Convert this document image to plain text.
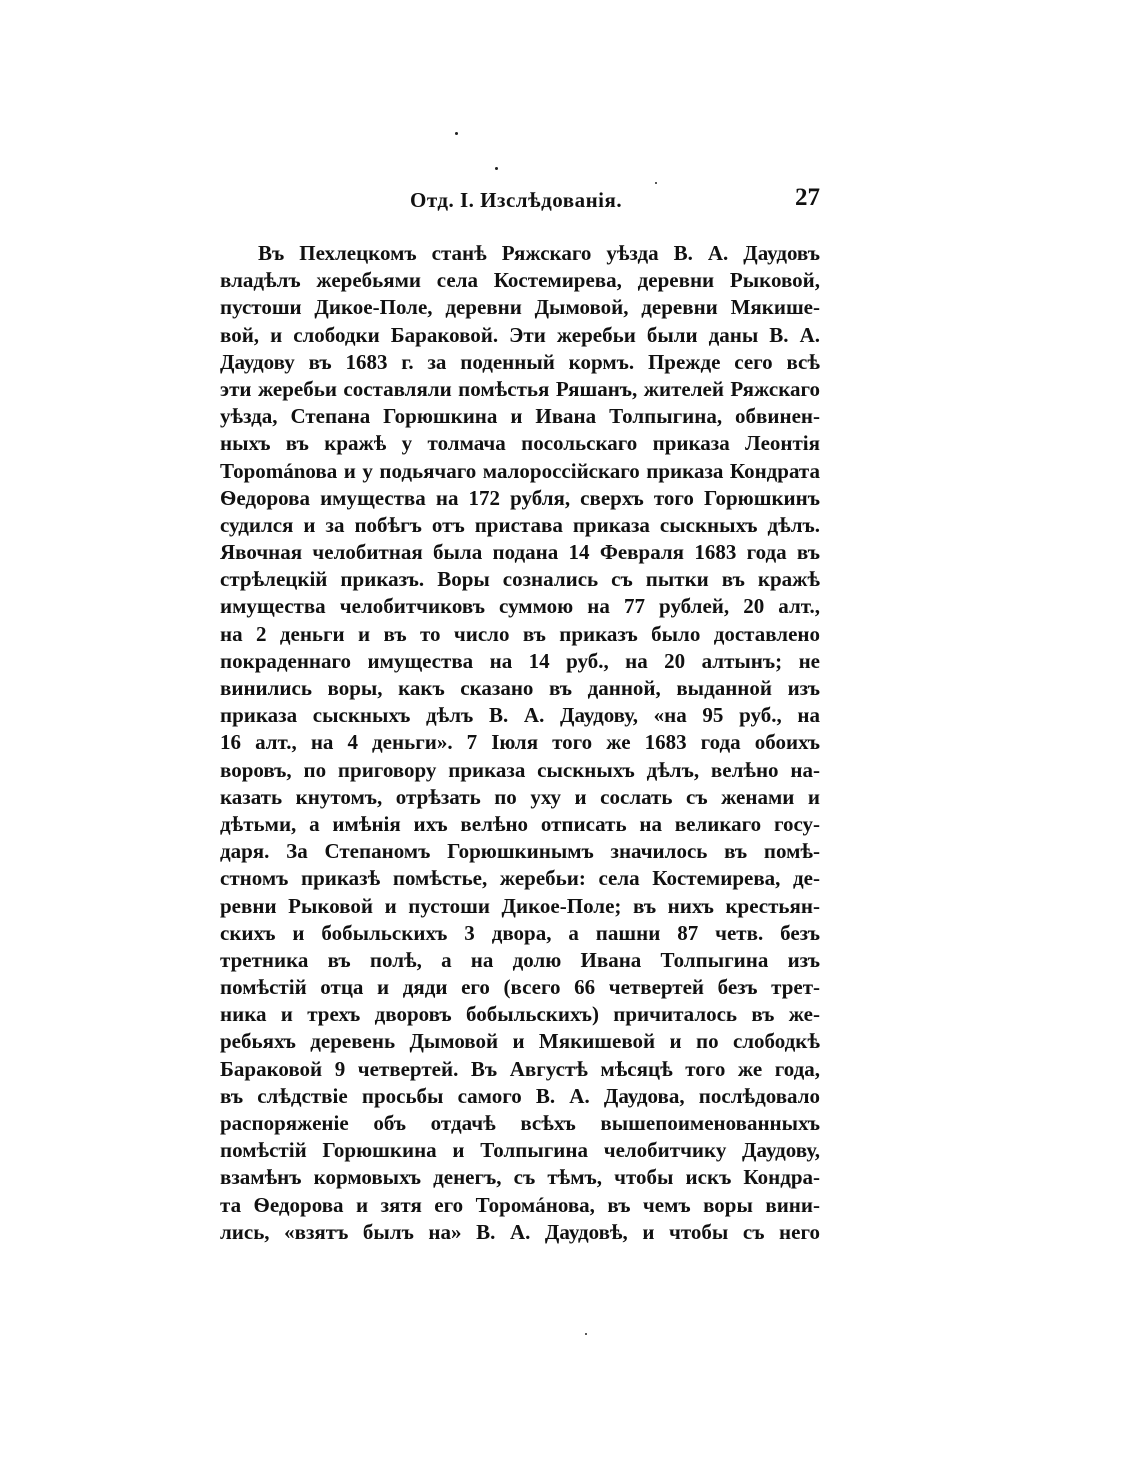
Отд. I. Изслѣдованія.	27
Въ Пехлецкомъ станѣ Ряжскаго уѣзда В. А. Даудовъ
владѣлъ жеребьями села Костемирева, деревни Рыковой,
пустоши Дикое-Поле, деревни Дымовой, деревни Мякише-
вой, и слободки Бараковой. Эти жеребьи были даны В. А.
Даудову въ 1683 г. за поденный кормъ. Прежде сего всѣ
эти жеребьи составляли помѣстья Ряшанъ, жителей Ряжскаго
уѣзда, Степана Горюшкина и Ивана Толпыгина, обвинен-
ныхъ въ кражѣ у толмача посольскаго приказа Леонтія
Торománова и у подьячаго малороссійскаго приказа Кондрата
Ѳедорова имущества на 172 рубля, сверхъ того Горюшкинъ
судился и за побѣгъ отъ пристава приказа сыскныхъ дѣлъ.
Явочная челобитная была подана 14 Февраля 1683 года въ
стрѣлецкій приказъ. Воры сознались съ пытки въ кражѣ
имущества челобитчиковъ суммою на 77 рублей, 20 алт.,
на 2 деньги и въ то число въ приказъ было доставлено
покраденнаго имущества на 14 руб., на 20 алтынъ; не
винились воры, какъ сказано въ данной, выданной изъ
приказа сыскныхъ дѣлъ В. А. Даудову, «на 95 руб., на
16 алт., на 4 деньги». 7 Іюля того же 1683 года обоихъ
воровъ, по приговору приказа сыскныхъ дѣлъ, велѣно на-
казать кнутомъ, отрѣзать по уху и сослать съ женами и
дѣтьми, а имѣнія ихъ велѣно отписать на великаго госу-
даря. За Степаномъ Горюшкинымъ значилось въ помѣ-
стномъ приказѣ помѣстье, жеребьи: села Костемирева, де-
ревни Рыковой и пустоши Дикое-Поле; въ нихъ крестьян-
скихъ и бобыльскихъ 3 двора, а пашни 87 четв. безъ
третника въ полѣ, а на долю Ивана Толпыгина изъ
помѣстій отца и дяди его (всего 66 четвертей безъ трет-
ника и трехъ дворовъ бобыльскихъ) причиталось въ же-
ребьяхъ деревень Дымовой и Мякишевой и по слободкѣ
Бараковой 9 четвертей. Въ Августѣ мѣсяцѣ того же года,
въ слѣдствіе просьбы самого В. А. Даудова, послѣдовало
распоряженіе объ отдачѣ всѣхъ вышепоименованныхъ
помѣстій Горюшкина и Толпыгина челобитчику Даудову,
взамѣнъ кормовыхъ денегъ, съ тѣмъ, чтобы искъ Кондра-
та Ѳедорова и зятя его Торомáнова, въ чемъ воры вини-
лись, «взятъ былъ на» В. А. Даудовѣ, и чтобы съ него
